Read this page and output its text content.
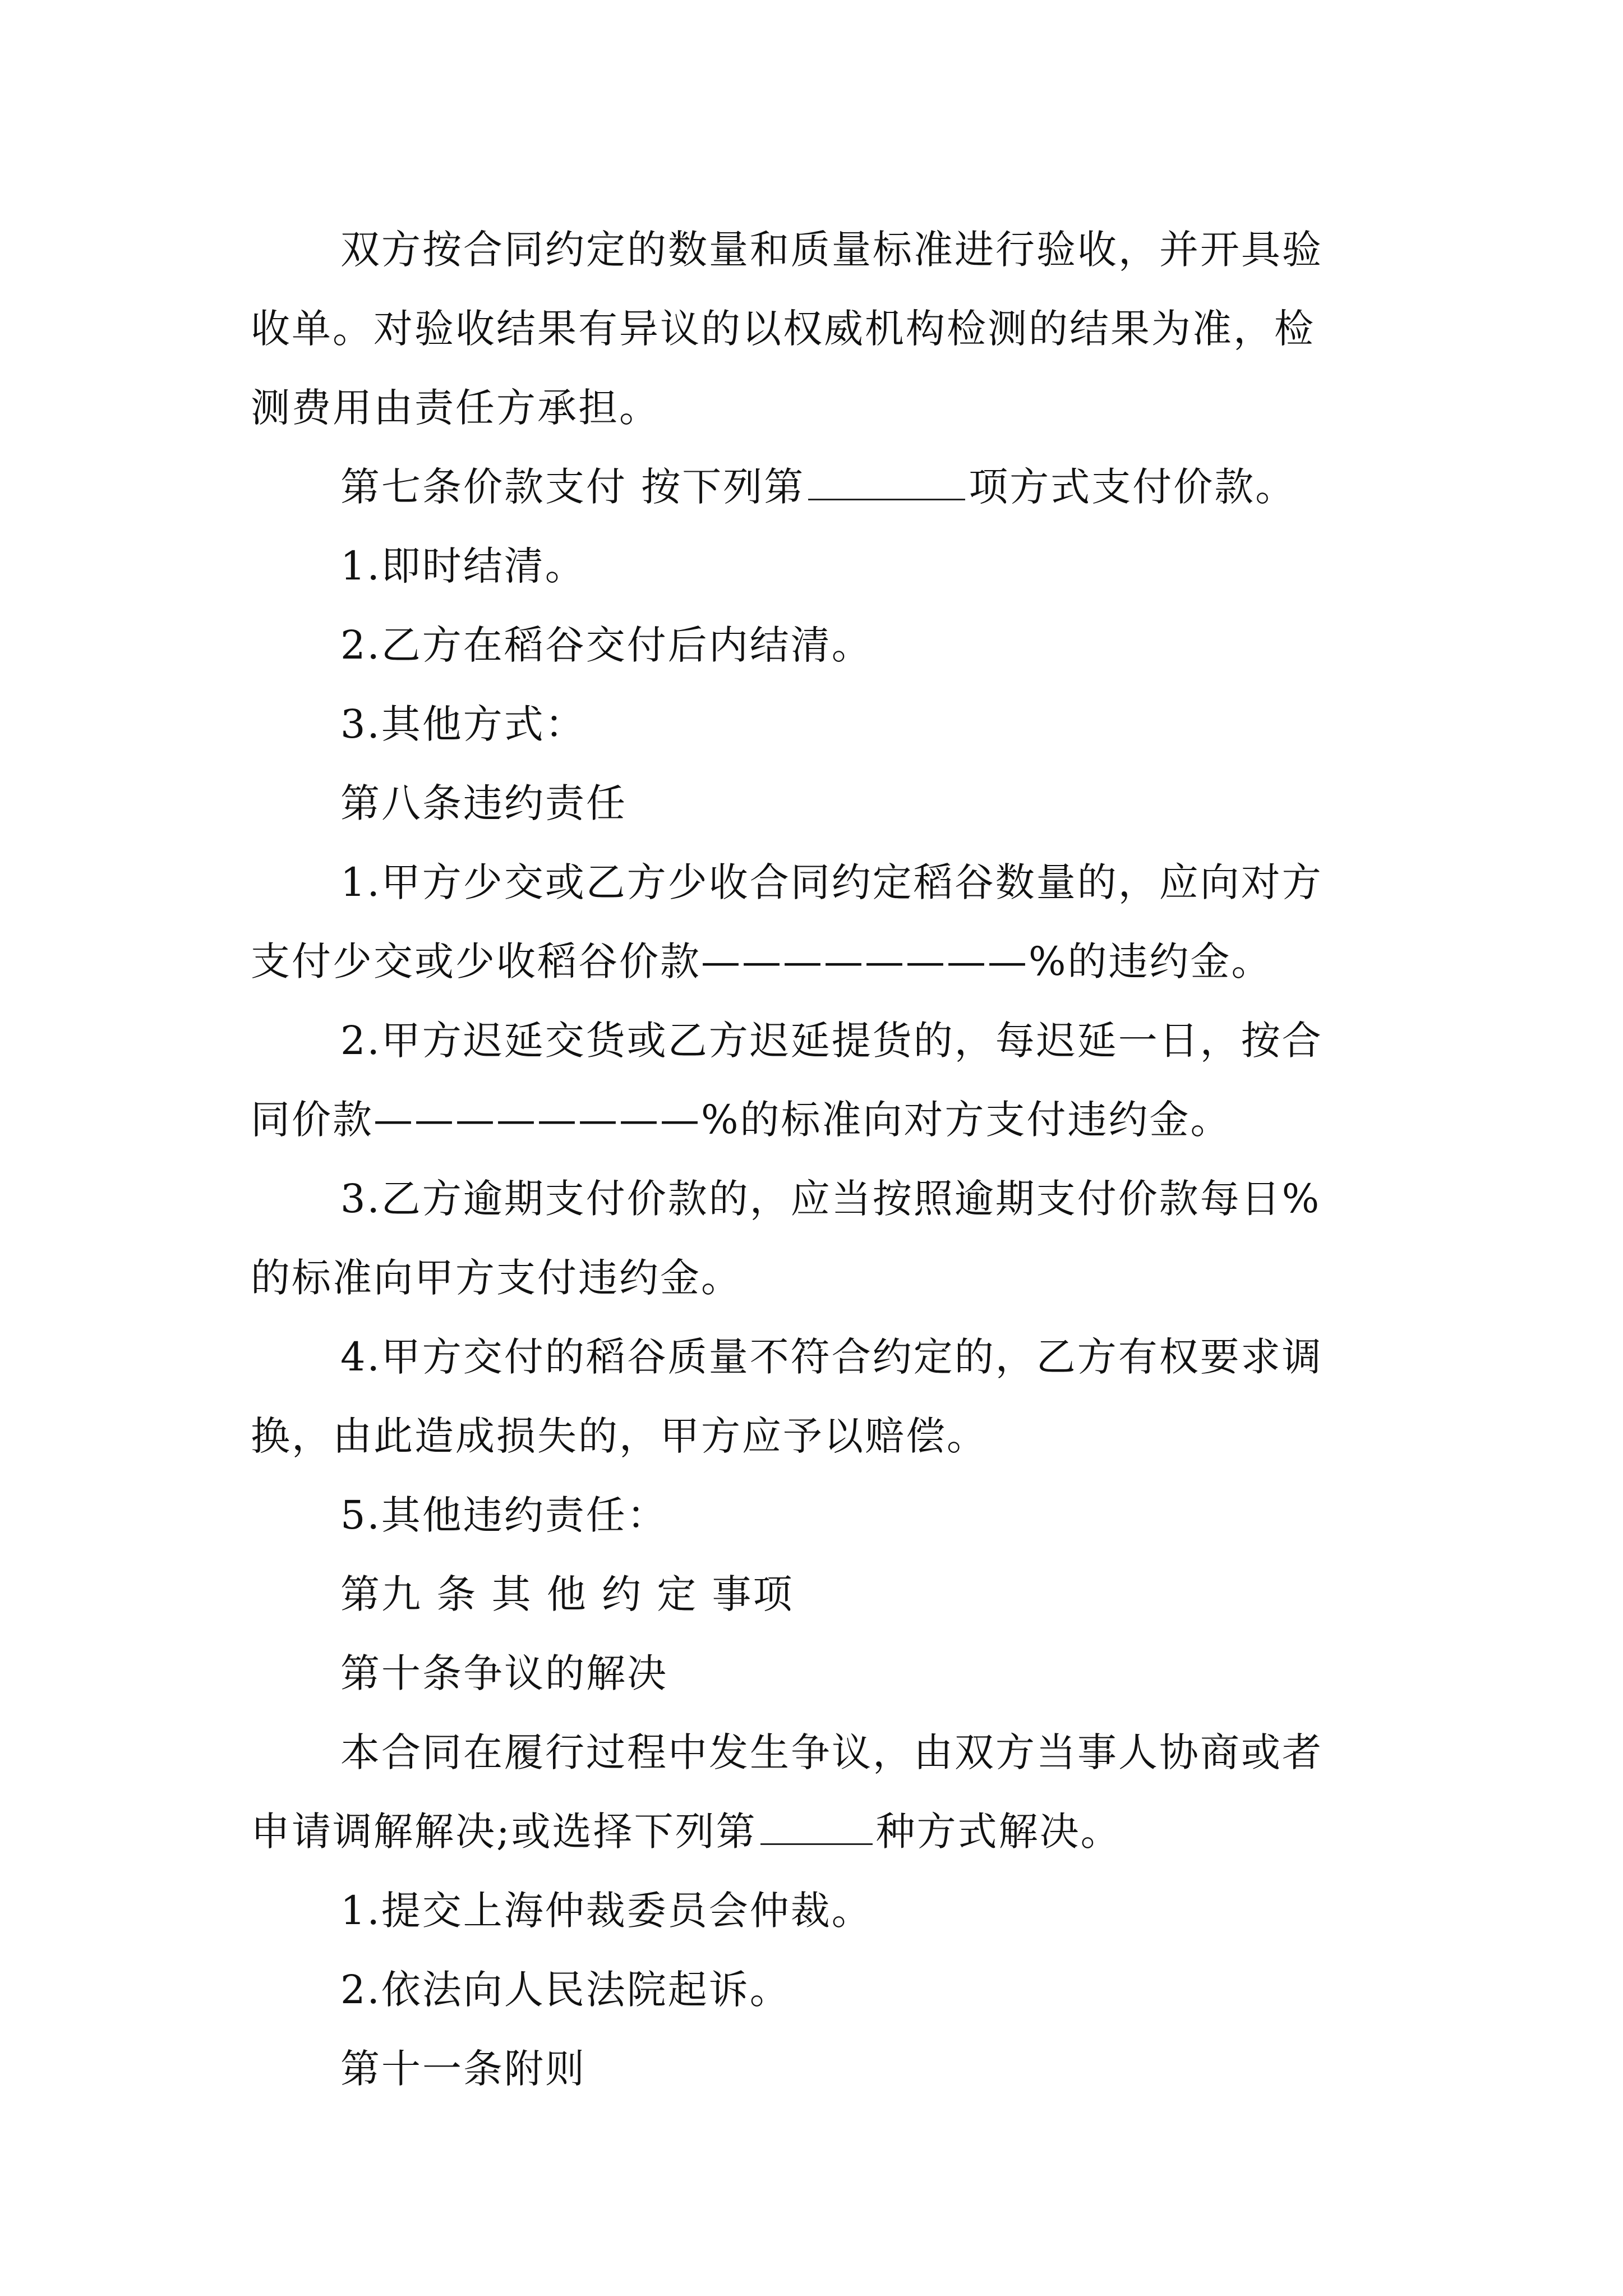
双方按合同约定的数量和质量标准进行验收，并开具验
收单。对验收结果有异议的以权威机构检测的结果为准，检
测费用由责任方承担。
第七条价款支付 按下列第	项方式支付价款。
1.即时结清。
2.乙方在稻谷交付后内结清。
3.其他方式：
第八条违约责任
1.甲方少交或乙方少收合同约定稻谷数量的，应向对方
支付少交或少收稻谷价款————————%的违约金。
2.甲方迟延交货或乙方迟延提货的，每迟延一日，按合
同价款————————%的标准向对方支付违约金。
3.乙方逾期支付价款的，应当按照逾期支付价款每日%
的标准向甲方支付违约金。
4.甲方交付的稻谷质量不符合约定的，乙方有权要求调
换，由此造成损失的，甲方应予以赔偿。
5.其他违约责任：
第九 条 其 他 约 定 事项
第十条争议的解决
本合同在履行过程中发生争议，由双方当事人协商或者
申请调解解决;或选择下列第	种方式解决。
1.提交上海仲裁委员会仲裁。
2.依法向人民法院起诉。
第十一条附则
